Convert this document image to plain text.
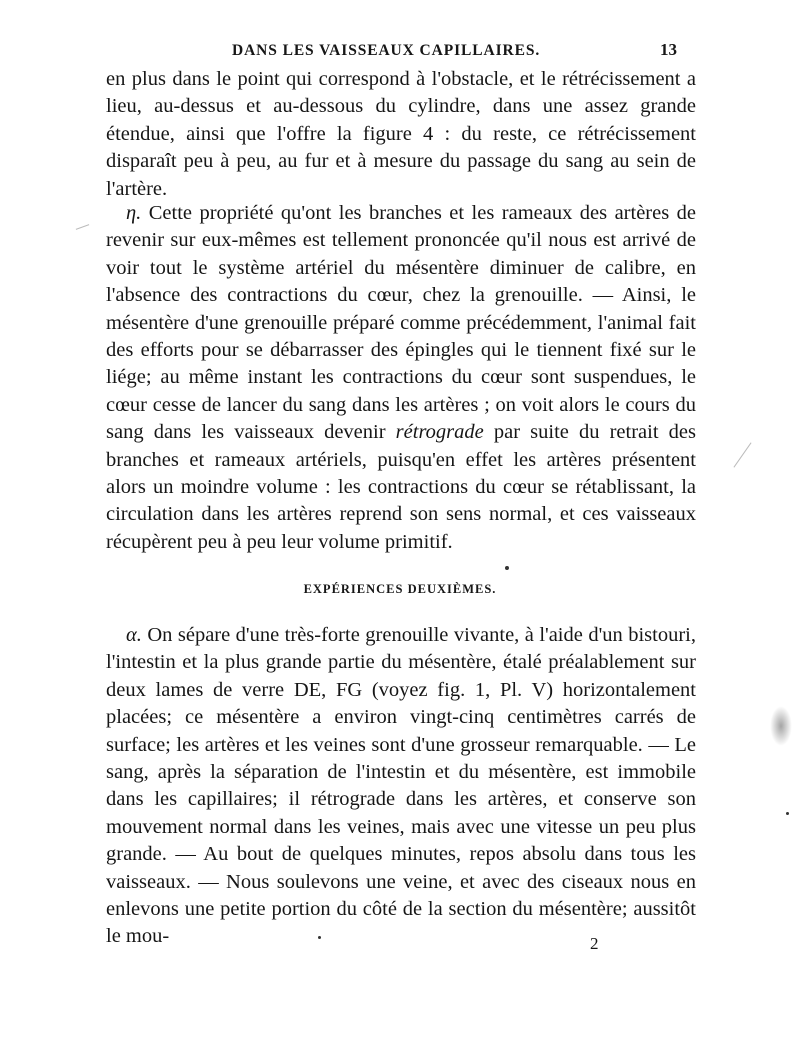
DANS LES VAISSEAUX CAPILLAIRES.	13

en plus dans le point qui correspond à l'obstacle, et le rétrécissement a lieu, au-dessus et au-dessous du cylindre, dans une assez grande étendue, ainsi que l'offre la figure 4 : du reste, ce rétrécissement disparaît peu à peu, au fur et à mesure du passage du sang au sein de l'artère.

η. Cette propriété qu'ont les branches et les rameaux des artères de revenir sur eux-mêmes est tellement prononcée qu'il nous est arrivé de voir tout le système artériel du mésentère diminuer de calibre, en l'absence des contractions du cœur, chez la grenouille. — Ainsi, le mésentère d'une grenouille préparé comme précédemment, l'animal fait des efforts pour se débarrasser des épingles qui le tiennent fixé sur le liége; au même instant les contractions du cœur sont suspendues, le cœur cesse de lancer du sang dans les artères ; on voit alors le cours du sang dans les vaisseaux devenir rétrograde par suite du retrait des branches et rameaux artériels, puisqu'en effet les artères présentent alors un moindre volume : les contractions du cœur se rétablissant, la circulation dans les artères reprend son sens normal, et ces vaisseaux récupèrent peu à peu leur volume primitif.

EXPÉRIENCES DEUXIÈMES.

α. On sépare d'une très-forte grenouille vivante, à l'aide d'un bistouri, l'intestin et la plus grande partie du mésentère, étalé préalablement sur deux lames de verre DE, FG (voyez fig. 1, Pl. V) horizontalement placées; ce mésentère a environ vingt-cinq centimètres carrés de surface; les artères et les veines sont d'une grosseur remarquable. — Le sang, après la séparation de l'intestin et du mésentère, est immobile dans les capillaires; il rétrograde dans les artères, et conserve son mouvement normal dans les veines, mais avec une vitesse un peu plus grande. — Au bout de quelques minutes, repos absolu dans tous les vaisseaux. — Nous soulevons une veine, et avec des ciseaux nous en enlevons une petite portion du côté de la section du mésentère; aussitôt le mou-	2
